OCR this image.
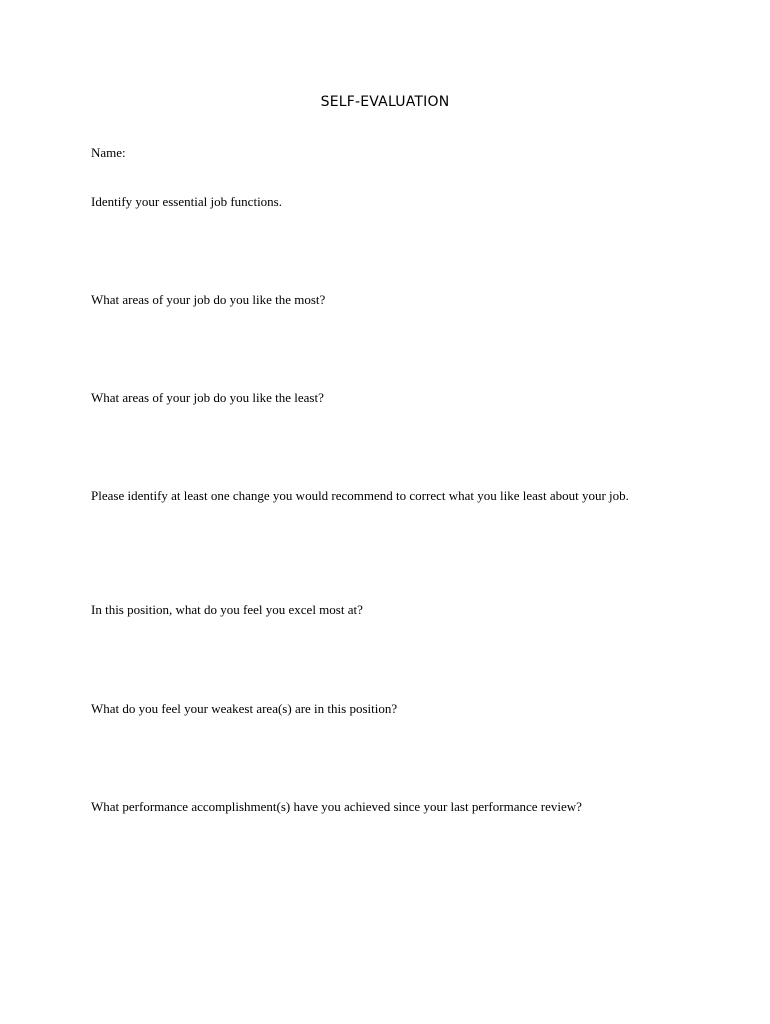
SELF-EVALUATION
Name:
Identify your essential job functions.
What areas of your job do you like the most?
What areas of your job do you like the least?
Please identify at least one change you would recommend to correct what you like least about your job.
In this position, what do you feel you excel most at?
What do you feel your weakest area(s) are in this position?
What performance accomplishment(s) have you achieved since your last performance review?
